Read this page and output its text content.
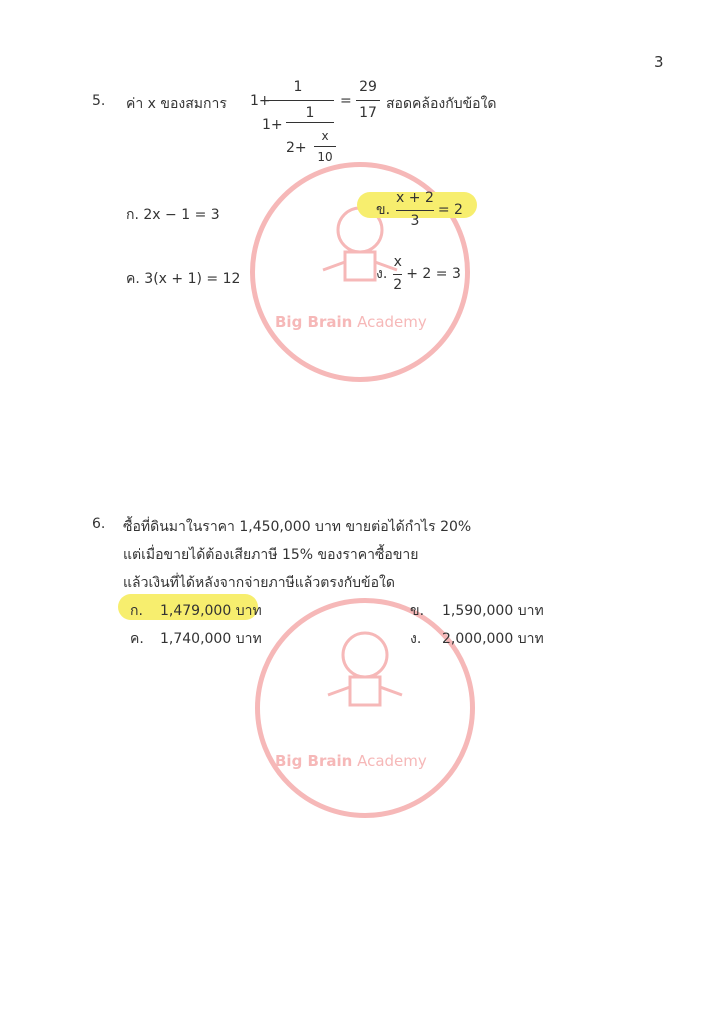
3
Big Brain Academy
Big Brain Academy
5. ค่า x ของสมการ 1+
1
1+
1
2+
x
10
=
29
17
สอดคล้องกับข้อใด
ก. 2x − 1 = 3	ข. $\frac{x + 2}{3} = 2$
ค. 3(x + 1) = 12	ง. $\frac{x}{2} + 2 = 3$
6. ซื้อที่ดินมาในราคา 1,450,000 บาท ขายต่อได้กำไร 20%
แต่เมื่อขายได้ต้องเสียภาษี 15% ของราคาซื้อขาย
แล้วเงินที่ได้หลังจากจ่ายภาษีแล้วตรงกับข้อใด
ก. 1,479,000 บาท	ข. 1,590,000 บาท
ค. 1,740,000 บาท	ง. 2,000,000 บาท
